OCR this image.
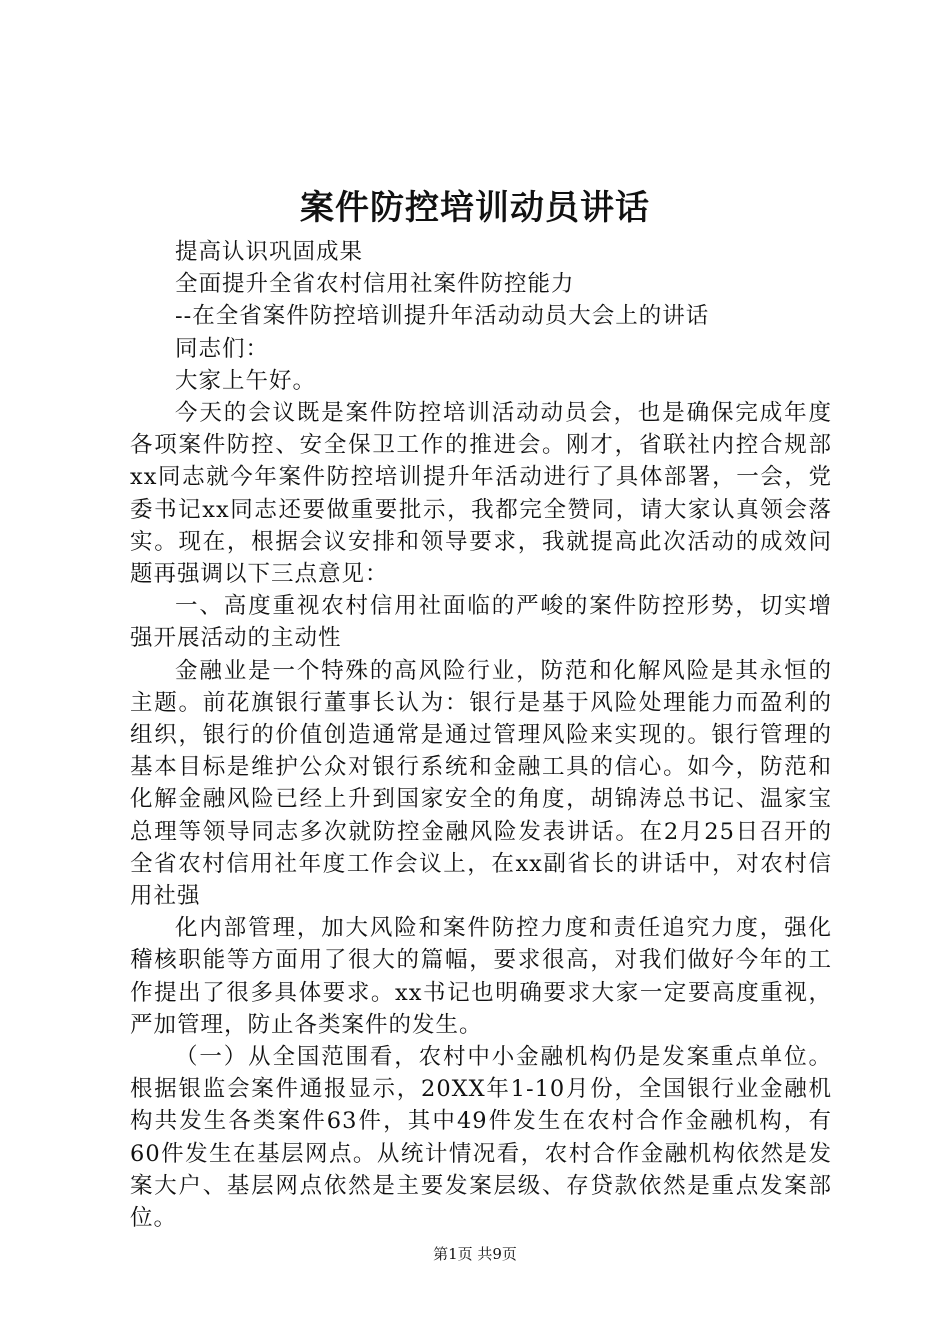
案件防控培训动员讲话

提高认识巩固成果

全面提升全省农村信用社案件防控能力

--在全省案件防控培训提升年活动动员大会上的讲话

同志们：

大家上午好。

今天的会议既是案件防控培训活动动员会，也是确保完成年度各项案件防控、安全保卫工作的推进会。刚才，省联社内控合规部xx同志就今年案件防控培训提升年活动进行了具体部署，一会，党委书记xx同志还要做重要批示，我都完全赞同，请大家认真领会落实。现在，根据会议安排和领导要求，我就提高此次活动的成效问题再强调以下三点意见：

一、高度重视农村信用社面临的严峻的案件防控形势，切实增强开展活动的主动性

金融业是一个特殊的高风险行业，防范和化解风险是其永恒的主题。前花旗银行董事长认为：银行是基于风险处理能力而盈利的组织，银行的价值创造通常是通过管理风险来实现的。银行管理的基本目标是维护公众对银行系统和金融工具的信心。如今，防范和化解金融风险已经上升到国家安全的角度，胡锦涛总书记、温家宝总理等领导同志多次就防控金融风险发表讲话。在2月25日召开的全省农村信用社年度工作会议上，在xx副省长的讲话中，对农村信用社强

化内部管理，加大风险和案件防控力度和责任追究力度，强化稽核职能等方面用了很大的篇幅，要求很高，对我们做好今年的工作提出了很多具体要求。xx书记也明确要求大家一定要高度重视，严加管理，防止各类案件的发生。

（一）从全国范围看，农村中小金融机构仍是发案重点单位。根据银监会案件通报显示，20XX年1-10月份，全国银行业金融机构共发生各类案件63件，其中49件发生在农村合作金融机构，有60件发生在基层网点。从统计情况看，农村合作金融机构依然是发案大户、基层网点依然是主要发案层级、存贷款依然是重点发案部位。

第1页 共9页
